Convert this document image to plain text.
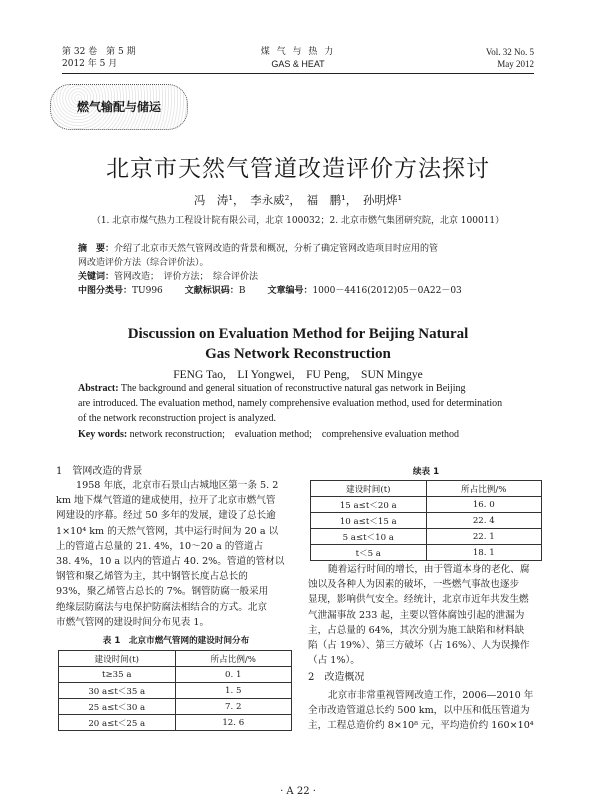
第 32 卷　第 5 期
2012 年 5 月
煤 气 与 热 力
GAS & HEAT
Vol. 32 No. 5
May 2012
燃气输配与储运
北京市天然气管道改造评价方法探讨
冯　涛¹，　李永威²，　福　鹏¹，　孙明烨¹
（1. 北京市煤气热力工程设计院有限公司，北京 100032；2. 北京市燃气集团研究院，北京 100011）
摘　要：介绍了北京市天然气管网改造的背景和概况，分析了确定管网改造项目时应用的管
网改造评价方法（综合评价法）。
关键词：管网改造；　评价方法；　综合评价法
中图分类号：TU996 文献标识码：B 文章编号：1000－4416(2012)05－0A22－03
Discussion on Evaluation Method for Beijing Natural
Gas Network Reconstruction
FENG Tao,　LI Yongwei,　FU Peng,　SUN Mingye
Abstract: The background and general situation of reconstructive natural gas network in Beijing
are introduced. The evaluation method, namely comprehensive evaluation method, used for determination
of the network reconstruction project is analyzed.
Key words: network reconstruction;　evaluation method;　comprehensive evaluation method
1　管网改造的背景
1958 年底，北京市石景山古城地区第一条 5. 2
km 地下煤气管道的建成使用，拉开了北京市燃气管
网建设的序幕。经过 50 多年的发展，建设了总长逾
1×10⁴ km 的天然气管网，其中运行时间为 20 a 以
上的管道占总量的 21. 4%，10～20 a 的管道占
38. 4%，10 a 以内的管道占 40. 2%。管道的管材以
钢管和聚乙烯管为主，其中钢管长度占总长的
93%，聚乙烯管占总长的 7%。钢管防腐一般采用
绝缘层防腐法与电保护防腐法相结合的方式。北京
市燃气管网的建设时间分布见表 1。
表 1　北京市燃气管网的建设时间分布
建设时间(t)	所占比例/%
t≥35 a	0. 1
30 a≤t＜35 a	1. 5
25 a≤t＜30 a	7. 2
20 a≤t＜25 a	12. 6
续表 1
建设时间(t)	所占比例/%
15 a≤t＜20 a	16. 0
10 a≤t＜15 a	22. 4
5 a≤t＜10 a	22. 1
t＜5 a	18. 1
随着运行时间的增长，由于管道本身的老化、腐
蚀以及各种人为因素的破坏，一些燃气事故也逐步
显现，影响供气安全。经统计，北京市近年共发生燃
气泄漏事故 233 起，主要以管体腐蚀引起的泄漏为
主，占总量的 64%，其次分别为施工缺陷和材料缺
陷（占 19%）、第三方破坏（占 16%）、人为误操作
（占 1%）。
2　改造概况
北京市非常重视管网改造工作，2006—2010 年
全市改造管道总长约 500 km，以中压和低压管道为
主，工程总造价约 8×10⁸ 元，平均造价约 160×10⁴
· A 22 ·
